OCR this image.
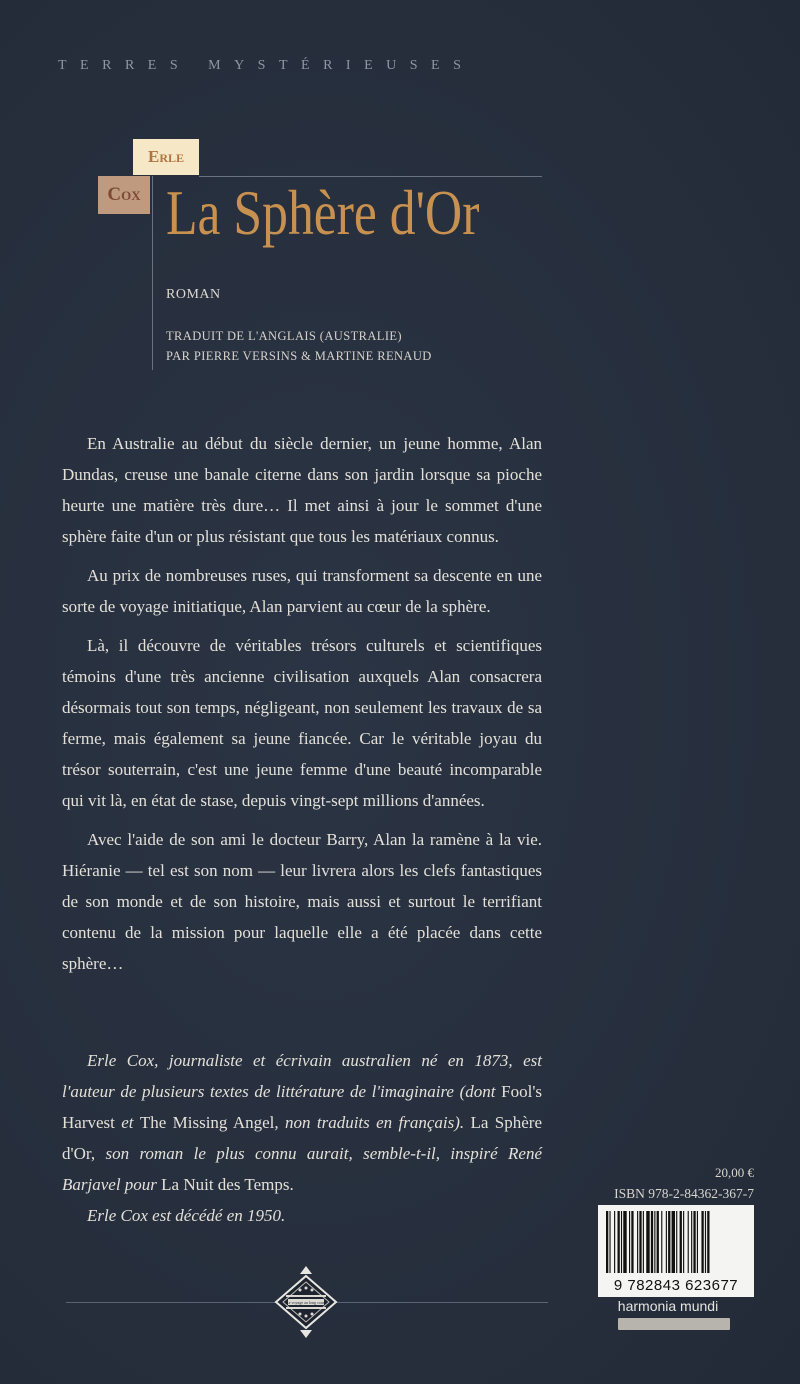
TERRES MYSTÉRIEUSES
Erle
Cox La Sphère d'Or
ROMAN
TRADUIT DE L'ANGLAIS (AUSTRALIE)
PAR PIERRE VERSINS & MARTINE RENAUD

En Australie au début du siècle dernier, un jeune homme, Alan Dundas, creuse une banale citerne dans son jardin lorsque sa pioche heurte une matière très dure… Il met ainsi à jour le sommet d'une sphère faite d'un or plus résistant que tous les matériaux connus.

Au prix de nombreuses ruses, qui transforment sa descente en une sorte de voyage initiatique, Alan parvient au cœur de la sphère.

Là, il découvre de véritables trésors culturels et scientifiques témoins d'une très ancienne civilisation auxquels Alan consacrera désormais tout son temps, négligeant, non seulement les travaux de sa ferme, mais également sa jeune fiancée. Car le véritable joyau du trésor souterrain, c'est une jeune femme d'une beauté incomparable qui vit là, en état de stase, depuis vingt-sept millions d'années.

Avec l'aide de son ami le docteur Barry, Alan la ramène à la vie. Hiéranie — tel est son nom — leur livrera alors les clefs fantastiques de son monde et de son histoire, mais aussi et surtout le terrifiant contenu de la mission pour laquelle elle a été placée dans cette sphère…

Erle Cox, journaliste et écrivain australien né en 1873, est l'auteur de plusieurs textes de littérature de l'imaginaire (dont Fool's Harvest et The Missing Angel, non traduits en français). La Sphère d'Or, son roman le plus connu aurait, semble-t-il, inspiré René Barjavel pour La Nuit des Temps.

Erle Cox est décédé en 1950.

Le voyage au long cours
20,00 €
ISBN 978-2-84362-367-7
9 782843 623677
harmonia mundi
